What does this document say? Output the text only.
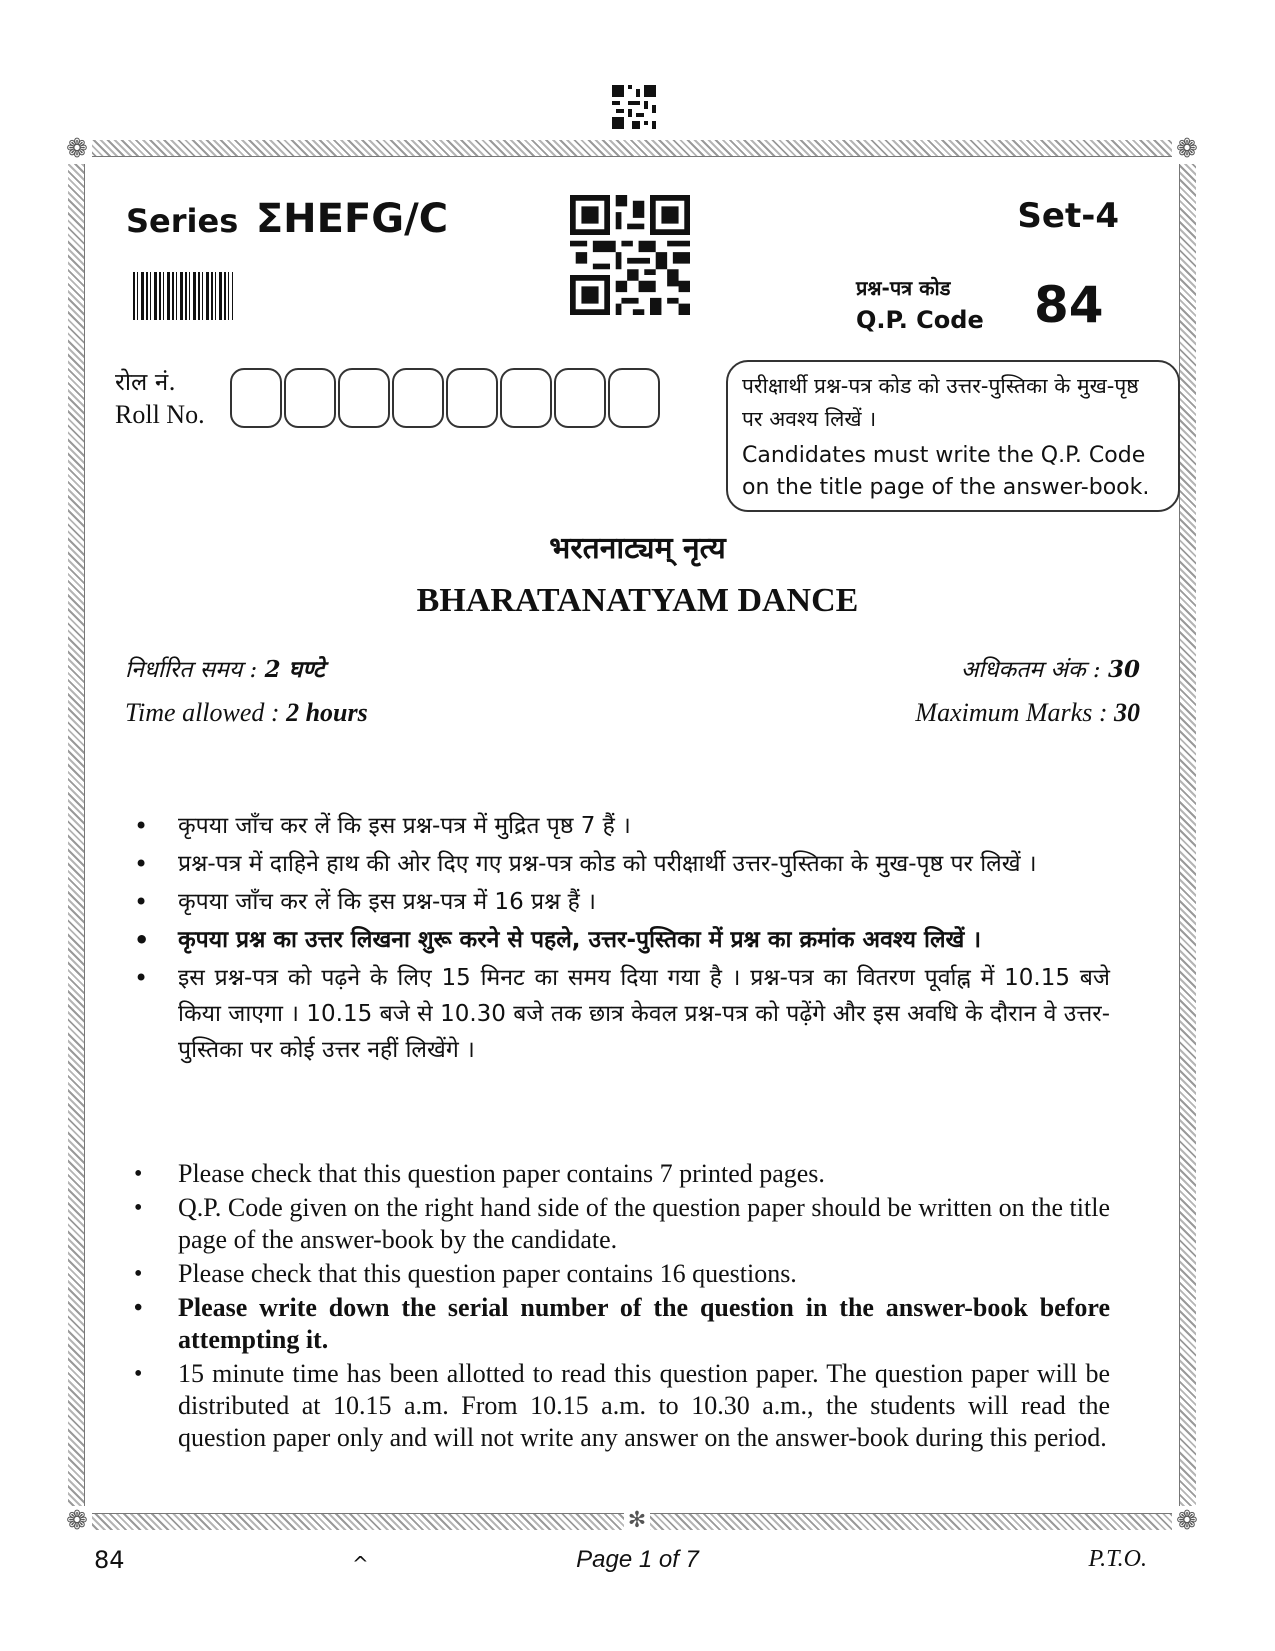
❁	❁
❁	❁
✻
Series ΣHEFG/C	Set-4
प्रश्न-पत्र कोड
Q.P. Code 84
रोल नं.
Roll No.
परीक्षार्थी प्रश्न-पत्र कोड को उत्तर-पुस्तिका के मुख-पृष्ठ पर अवश्य लिखें ।
Candidates must write the Q.P. Code on the title page of the answer-book.
भरतनाट्यम् नृत्य
BHARATANATYAM DANCE
निर्धारित समय : 2 घण्टे	अधिकतम अंक : 30
Time allowed : 2 hours	Maximum Marks : 30
• कृपया जाँच कर लें कि इस प्रश्न-पत्र में मुद्रित पृष्ठ 7 हैं ।
• प्रश्न-पत्र में दाहिने हाथ की ओर दिए गए प्रश्न-पत्र कोड को परीक्षार्थी उत्तर-पुस्तिका के मुख-पृष्ठ पर लिखें ।
• कृपया जाँच कर लें कि इस प्रश्न-पत्र में 16 प्रश्न हैं ।
• कृपया प्रश्न का उत्तर लिखना शुरू करने से पहले, उत्तर-पुस्तिका में प्रश्न का क्रमांक अवश्य लिखें ।
• इस प्रश्न-पत्र को पढ़ने के लिए 15 मिनट का समय दिया गया है । प्रश्न-पत्र का वितरण पूर्वाह्न में 10.15 बजे किया जाएगा । 10.15 बजे से 10.30 बजे तक छात्र केवल प्रश्न-पत्र को पढ़ेंगे और इस अवधि के दौरान वे उत्तर-पुस्तिका पर कोई उत्तर नहीं लिखेंगे ।
• Please check that this question paper contains 7 printed pages.
• Q.P. Code given on the right hand side of the question paper should be written on the title page of the answer-book by the candidate.
• Please check that this question paper contains 16 questions.
• Please write down the serial number of the question in the answer-book before attempting it.
• 15 minute time has been allotted to read this question paper. The question paper will be distributed at 10.15 a.m. From 10.15 a.m. to 10.30 a.m., the students will read the question paper only and will not write any answer on the answer-book during this period.
84	^	Page 1 of 7	P.T.O.
